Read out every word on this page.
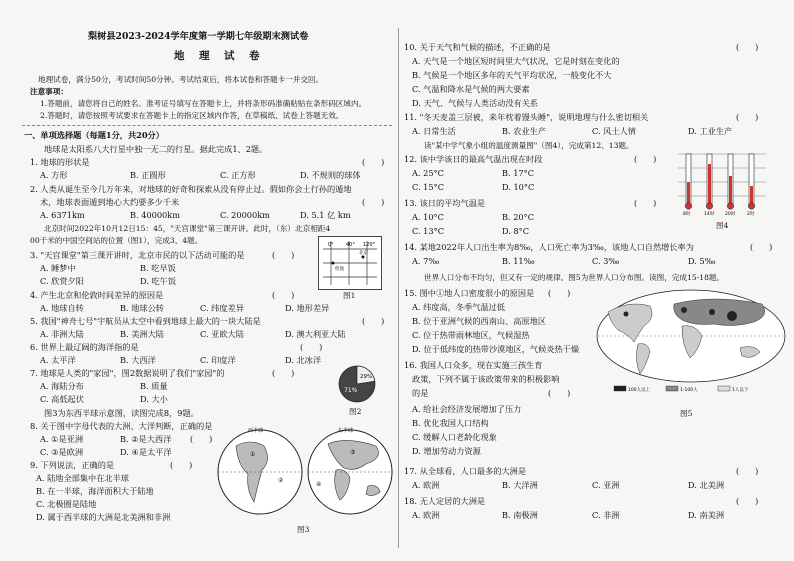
梨树县2023-2024学年度第一学期七年级期末测试卷
地　理　试　卷
地理试卷，满分50分，考试时间50分钟。考试结束后，将本试卷和答题卡一并交回。
注意事项：
1.答题前，请您将自己的姓名、准考证号填写在答题卡上，并将条形码准确粘贴在条形码区域内。
2.答题时，请您按照考试要求在答题卡上的指定区域内作答，在草稿纸、试卷上答题无效。
一、单项选择题（每题1分，共20分）
地球是太阳系八大行星中独一无二的行星。据此完成1、2题。
1. 地球的形状是	(　　)
A. 方形	B. 正圆形	C. 正方形	D. 不规则的球体
2. 人类从诞生至今几万年来，对地球的好奇和探索从没有停止过。假如你会土行孙的遁地
术，地球表面遁到地心大约要多少千米	(　　)
A. 6371km	B. 40000km	C. 20000km	D. 5.1 亿 km
北京时间2022年10月12日15：45，"天宫课堂"第三课开讲。此时，（东）北京相距4
00千米的中国空间站的位置（图1），完成3、4题。	0° 40° 120°
北京
伦敦
图1
3. "天宫课堂"第三课开讲时，北京市民的以下活动可能的是	(　　)
A. 睡梦中	B. 吃早饭
C. 欣赏夕阳	D. 吃午饭
4. 产生北京和伦敦时间差异的原因是	(　　)
A. 地球自转	B. 地球公转	C. 纬度差异	D. 地形差异
5. 我国"神舟七号"宇航员从太空中看到地球上最大的一块大陆是	(　　)
A. 非洲大陆	B. 美洲大陆	C. 亚欧大陆	D. 澳大利亚大陆
6. 世界上最辽阔的海洋指的是	(　　)
A. 太平洋	B. 大西洋	C. 印度洋	D. 北冰洋
7. 地球是人类的"家园"，图2数据说明了我们"家园"的	(　　)
A. 海陆分布	B. 质量
C. 高低起伏	D. 大小
71%
29%
图2
图3为东西半球示意图，读图完成8，9题。
8. 关于图中字母代表的大洲、大洋判断，正确的是
(　　)
A. ①是亚洲	B. ②是大西洋
C. ③是欧洲	D. ④是太平洋
9. 下列说法，正确的是	(　　)
A. 陆地全部集中在北半球
B. 在一半球，海洋面积大于陆地
C. 北极圈是陆地
D. 属于西半球的大洲是北美洲和非洲
西半球	东半球
①
②
③
④
图3
10. 关于天气和气候的描述，不正确的是	(　　)
A. 天气是一个地区短时间里大气状况，它是时刻在变化的
B. 气候是一个地区多年的天气平均状况，一般变化不大
C. 气温和降水是气候的两大要素
D. 天气、气候与人类活动没有关系
11. "冬天麦盖三层被，来年枕着馒头睡"，说明地理与什么密切相关	(　　)
A. 日常生活	B. 农业生产	C. 风土人情	D. 工业生产
读"某中学气象小组的温度测量图"（图4），完成第12、13题。
12. 该中学该日的最高气温出现在时段	(　　)
A. 25°C	B. 17°C
C. 15°C	D. 10°C
13. 该日的平均气温是	(　　)
A. 10°C	B. 20°C
C. 13°C	D. 8°C
8时	14时 20时	2时
图4
14. 某地2022年人口出生率为8‰，人口死亡率为3‰，该地人口自然增长率为	(　　)
A. 7‰	B. 11‰	C. 3‰	D. 5‰
世界人口分布不均匀，但又有一定的规律。图5为世界人口分布图。读图，完成15-18题。
15. 图中①地人口密度很小的原因是 (　　)
A. 纬度高，冬季气温过低
B. 位于亚洲气候的西南山、高原地区
C. 位于热带雨林地区，气候湿热
D. 位于低纬度的热带沙漠地区，气候炎热干燥
16. 我国人口众多，现在实施三孩生育
政策，下列不属于该政策带来的积极影响
的是	(　　)
A. 给社会经济发展增加了压力
B. 优化我国人口结构
C. 缓解人口老龄化现象
D. 增加劳动力资源
100人以上	1-100人	1人以下
图5
17. 从全球看，人口最多的大洲是	(　　)
A. 欧洲	B. 大洋洲	C. 亚洲	D. 北美洲
18. 无人定居的大洲是	(　　)
A. 欧洲	B. 南极洲	C. 非洲	D. 南美洲
